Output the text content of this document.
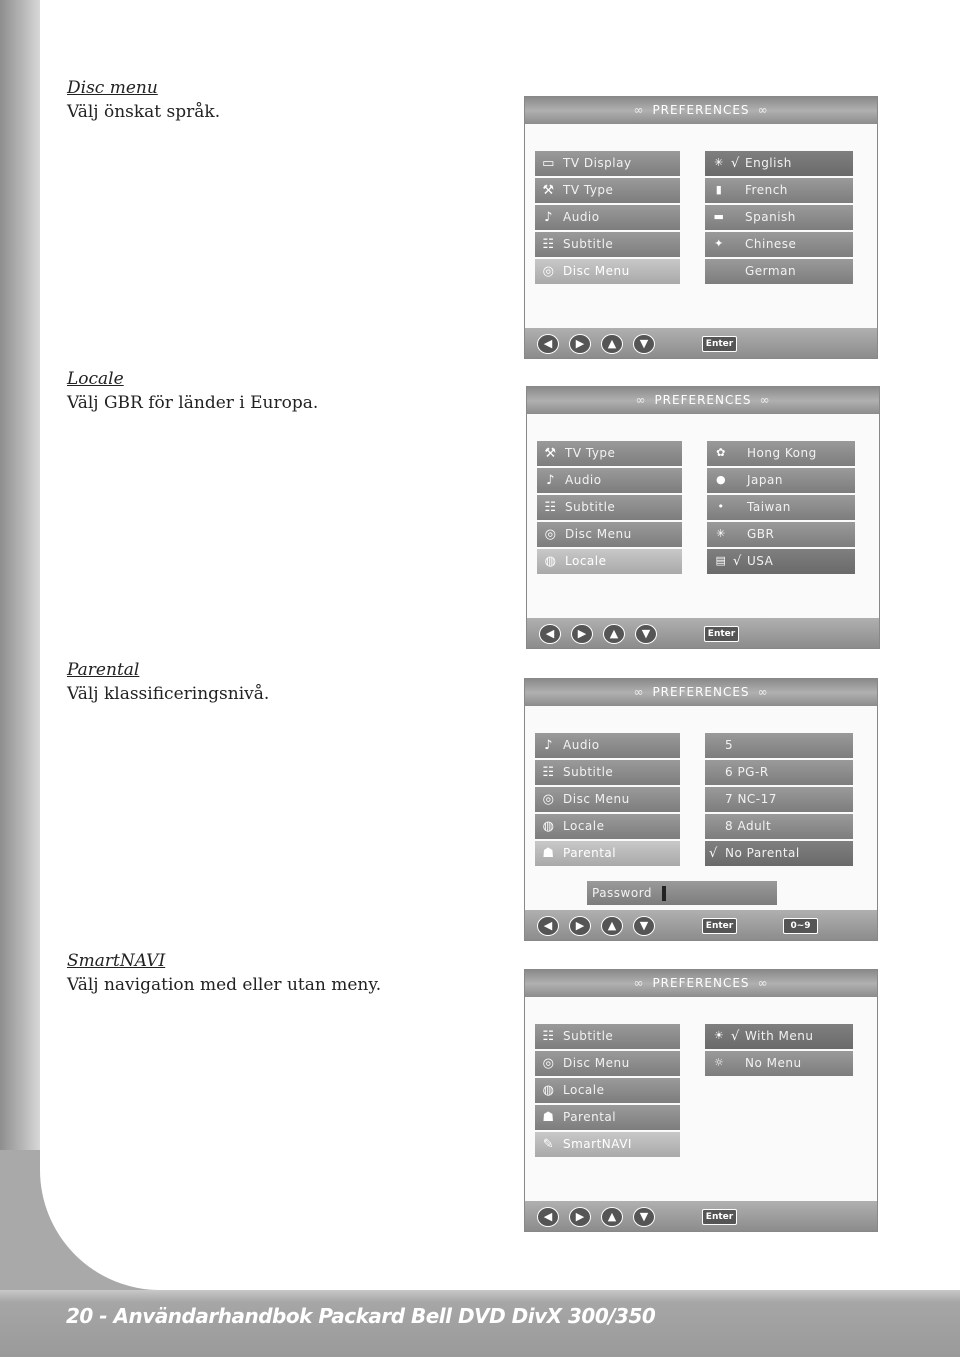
20 - Användarhandbok Packard Bell DVD DivX 300/350
Disc menu
Välj önskat språk.
Locale
Välj GBR för länder i Europa.
Parental
Välj klassificeringsnivå.
SmartNAVI
Välj navigation med eller utan meny.
∞ PREFERENCES ∞
▭ TV Display
⚒ TV Type
♪ Audio
☷ Subtitle
◎ Disc Menu
✳ √ English
▮	French
▬ Spanish
✦ Chinese
German
◀	▶	▲	▼	Enter
∞ PREFERENCES ∞
⚒ TV Type
♪ Audio
☷ Subtitle
◎ Disc Menu
◍ Locale
✿ Hong Kong
● Japan
•	Taiwan
✳ GBR
▤ √ USA
◀	▶	▲	▼	Enter
∞ PREFERENCES ∞
♪ Audio
☷ Subtitle
◎ Disc Menu
◍ Locale
☗ Parental
5
6 PG-R
7 NC-17
8 Adult
√ No Parental
Password
◀	▶	▲	▼	Enter	0~9
∞ PREFERENCES ∞
☷ Subtitle
◎ Disc Menu
◍ Locale
☗ Parental
✎ SmartNAVI
☀ √ With Menu
☼ No Menu
◀	▶	▲	▼	Enter
